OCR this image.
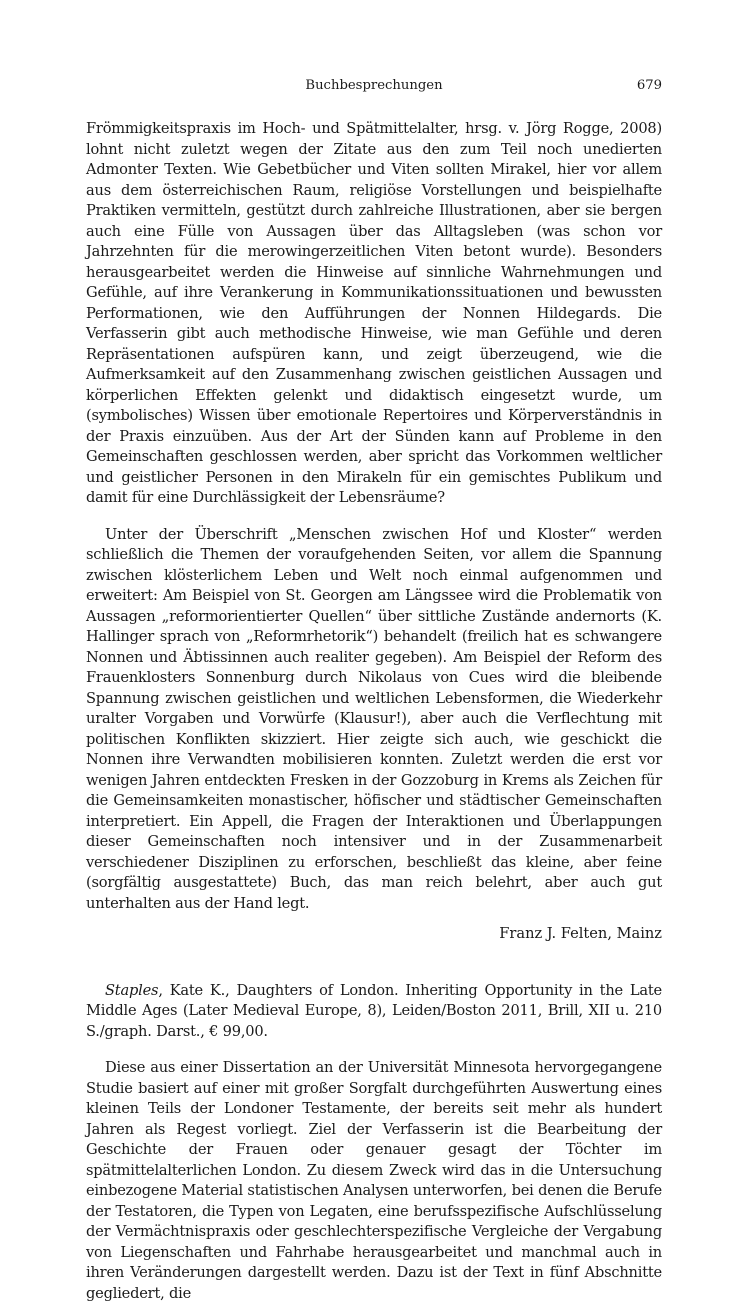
Buchbesprechungen	679

Frömmigkeitspraxis im Hoch- und Spätmittelalter, hrsg. v. Jörg Rogge, 2008) lohnt nicht zuletzt wegen der Zitate aus den zum Teil noch unedierten Admonter Texten. Wie Gebetbücher und Viten sollten Mirakel, hier vor allem aus dem österreichischen Raum, religiöse Vorstellungen und beispielhafte Praktiken vermitteln, gestützt durch zahlreiche Illustrationen, aber sie bergen auch eine Fülle von Aussagen über das Alltagsleben (was schon vor Jahrzehnten für die merowingerzeitlichen Viten betont wurde). Besonders herausgearbeitet werden die Hinweise auf sinnliche Wahrnehmungen und Gefühle, auf ihre Verankerung in Kommunikationssituationen und bewussten Performationen, wie den Aufführungen der Nonnen Hildegards. Die Verfasserin gibt auch methodische Hinweise, wie man Gefühle und deren Repräsentationen aufspüren kann, und zeigt überzeugend, wie die Aufmerksamkeit auf den Zusammenhang zwischen geistlichen Aussagen und körperlichen Effekten gelenkt und didaktisch eingesetzt wurde, um (symbolisches) Wissen über emotionale Repertoires und Körperverständnis in der Praxis einzuüben. Aus der Art der Sünden kann auf Probleme in den Gemeinschaften geschlossen werden, aber spricht das Vorkommen weltlicher und geistlicher Personen in den Mirakeln für ein gemischtes Publikum und damit für eine Durchlässigkeit der Lebensräume?

Unter der Überschrift „Menschen zwischen Hof und Kloster“ werden schließlich die Themen der voraufgehenden Seiten, vor allem die Spannung zwischen klösterlichem Leben und Welt noch einmal aufgenommen und erweitert: Am Beispiel von St. Georgen am Längssee wird die Problematik von Aussagen „reformorientierter Quellen“ über sittliche Zustände andernorts (K. Hallinger sprach von „Reformrhetorik“) behandelt (freilich hat es schwangere Nonnen und Äbtissinnen auch realiter gegeben). Am Beispiel der Reform des Frauenklosters Sonnenburg durch Nikolaus von Cues wird die bleibende Spannung zwischen geistlichen und weltlichen Lebensformen, die Wiederkehr uralter Vorgaben und Vorwürfe (Klausur!), aber auch die Verflechtung mit politischen Konflikten skizziert. Hier zeigte sich auch, wie geschickt die Nonnen ihre Verwandten mobilisieren konnten. Zuletzt werden die erst vor wenigen Jahren entdeckten Fresken in der Gozzoburg in Krems als Zeichen für die Gemeinsamkeiten monastischer, höfischer und städtischer Gemeinschaften interpretiert. Ein Appell, die Fragen der Interaktionen und Überlappungen dieser Gemeinschaften noch intensiver und in der Zusammenarbeit verschiedener Disziplinen zu erforschen, beschließt das kleine, aber feine (sorgfältig ausgestattete) Buch, das man reich belehrt, aber auch gut unterhalten aus der Hand legt.

Franz J. Felten, Mainz

Staples, Kate K., Daughters of London. Inheriting Opportunity in the Late Middle Ages (Later Medieval Europe, 8), Leiden/Boston 2011, Brill, XII u. 210 S./graph. Darst., € 99,00.

Diese aus einer Dissertation an der Universität Minnesota hervorgegangene Studie basiert auf einer mit großer Sorgfalt durchgeführten Auswertung eines kleinen Teils der Londoner Testamente, der bereits seit mehr als hundert Jahren als Regest vorliegt. Ziel der Verfasserin ist die Bearbeitung der Geschichte der Frauen oder genauer gesagt der Töchter im spätmittelalterlichen London. Zu diesem Zweck wird das in die Untersuchung einbezogene Material statistischen Analysen unterworfen, bei denen die Berufe der Testatoren, die Typen von Legaten, eine berufsspezifische Aufschlüsselung der Vermächtnispraxis oder geschlechterspezifische Vergleiche der Vergabung von Liegenschaften und Fahrhabe herausgearbeitet und manchmal auch in ihren Veränderungen dargestellt werden. Dazu ist der Text in fünf Abschnitte gegliedert, die
